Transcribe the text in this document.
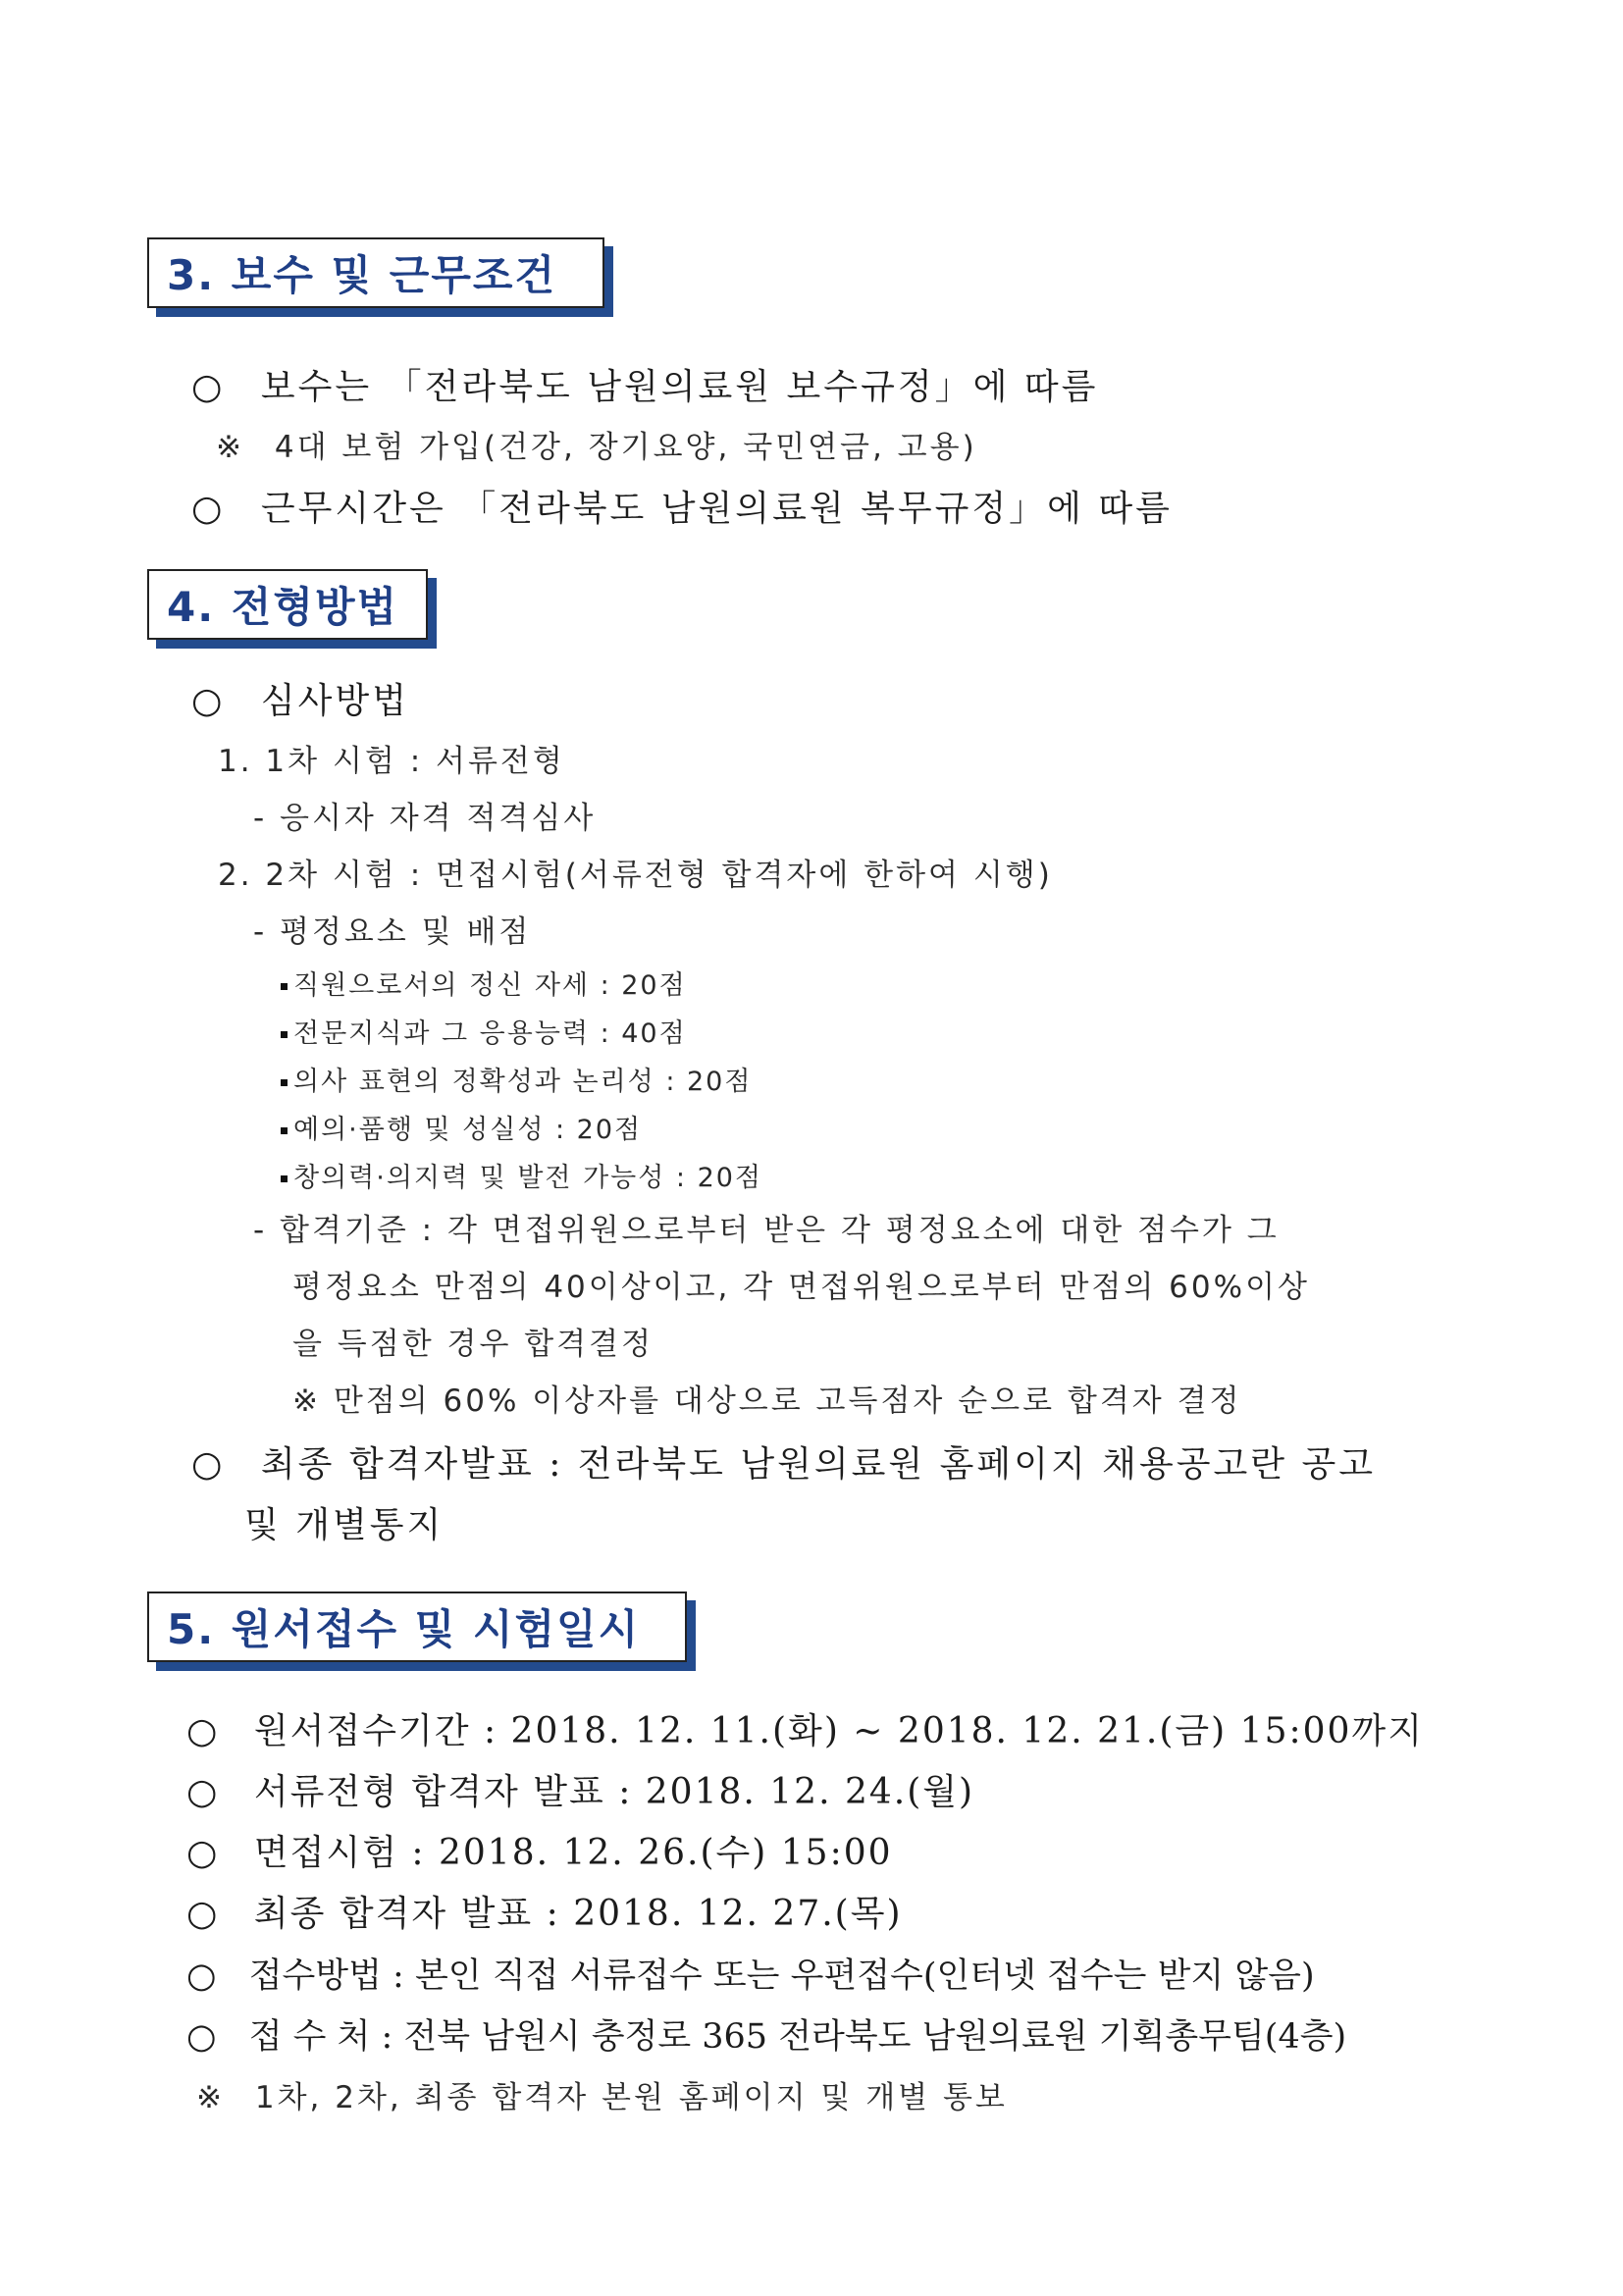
3. 보수 및 근무조건
○ 보수는 「전라북도 남원의료원 보수규정」에 따름
※ 4대 보험 가입(건강, 장기요양, 국민연금, 고용)
○ 근무시간은 「전라북도 남원의료원 복무규정」에 따름
4. 전형방법
○ 심사방법
1. 1차 시험 : 서류전형
- 응시자 자격 적격심사
2. 2차 시험 : 면접시험(서류전형 합격자에 한하여 시행)
- 평정요소 및 배점
직원으로서의 정신 자세 : 20점
전문지식과 그 응용능력 : 40점
의사 표현의 정확성과 논리성 : 20점
예의·품행 및 성실성 : 20점
창의력·의지력 및 발전 가능성 : 20점
- 합격기준 : 각 면접위원으로부터 받은 각 평정요소에 대한 점수가 그
평정요소 만점의 40이상이고, 각 면접위원으로부터 만점의 60%이상
을 득점한 경우 합격결정
※ 만점의 60% 이상자를 대상으로 고득점자 순으로 합격자 결정
○ 최종 합격자발표 : 전라북도 남원의료원 홈페이지 채용공고란 공고
및 개별통지
5. 원서접수 및 시험일시
○ 원서접수기간 : 2018. 12. 11.(화) ~ 2018. 12. 21.(금) 15:00까지
○ 서류전형 합격자 발표 : 2018. 12. 24.(월)
○ 면접시험 : 2018. 12. 26.(수) 15:00
○ 최종 합격자 발표 : 2018. 12. 27.(목)
○ 접수방법 : 본인 직접 서류접수 또는 우편접수(인터넷 접수는 받지 않음)
○ 접 수 처 : 전북 남원시 충정로 365 전라북도 남원의료원 기획총무팀(4층)
※ 1차, 2차, 최종 합격자 본원 홈페이지 및 개별 통보
